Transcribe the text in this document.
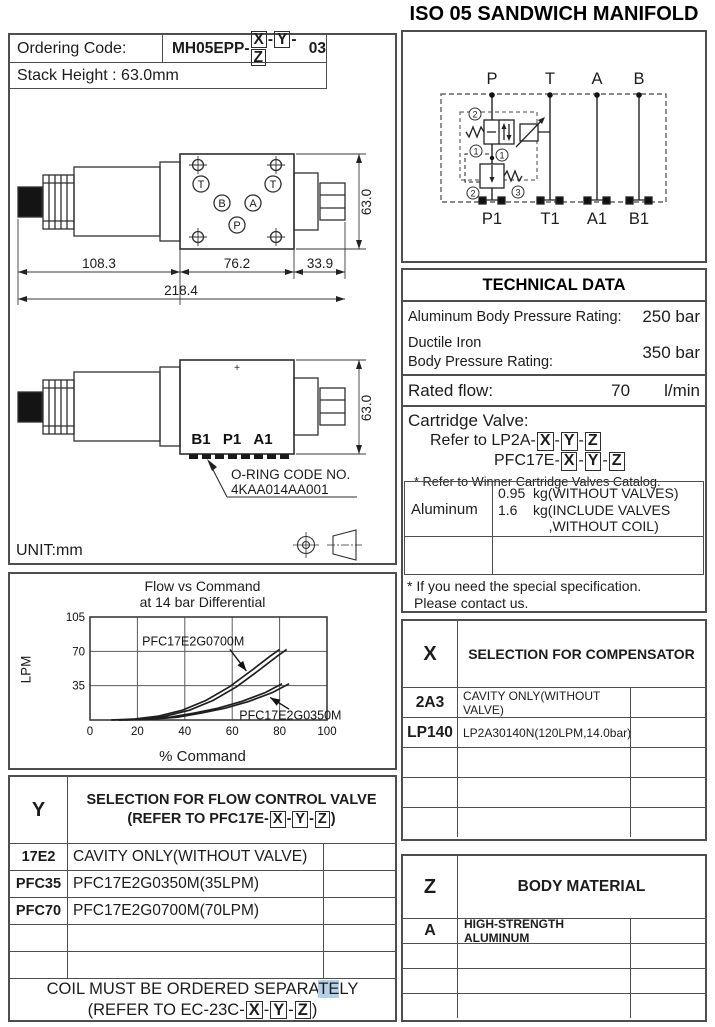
ISO 05 SANDWICH MANIFOLD
Ordering Code:	MH05EPP-
X - Y -Z
03
Stack Height : 63.0mm
T	T
B A
P
108.3	76.2	33.9
218.4
63.0
+
B1 P1 A1
O-RING CODE NO.
4KAA014AA001
63.0
UNIT:mm
Flow vs Command
at 14 bar Differential
LPM
% Command
0	20	40	60	80	100
35
70
105
PFC17E2G0700M
PFC17E2G0350M
Y	SELECTION FOR FLOW CONTROL VALVE
(REFER TO PFC17E- X - Y - Z )
17E2	CAVITY ONLY(WITHOUT VALVE)
PFC35 PFC17E2G0350M(35LPM)
PFC70 PFC17E2G0700M(70LPM)
COIL MUST BE ORDERED SEPARATELY
(REFER TO EC-23C- X - Y - Z )
P	T A B
2
1 1
3
2
P1 T1 A1 B1
TECHNICAL DATA
Aluminum Body Pressure Rating: 250 bar
Ductile Iron
Body Pressure Rating:	350 bar
Rated flow:	70 l/min
Cartridge Valve:
Refer to LP2A- X - Y - Z
PFC17E- X - Y - Z
* Refer to Winner Cartridge Valves Catalog.
Aluminum
0.95  kg(WITHOUT VALVES)
1.6    kg(INCLUDE VALVES
,WITHOUT COIL)
* If you need the special specification.
Please contact us.
X	SELECTION FOR COMPENSATOR
2A3	CAVITY ONLY(WITHOUT VALVE)
LP140 LP2A30140N(120LPM,14.0bar)
Z	BODY MATERIAL
A	HIGH-STRENGTH ALUMINUM
